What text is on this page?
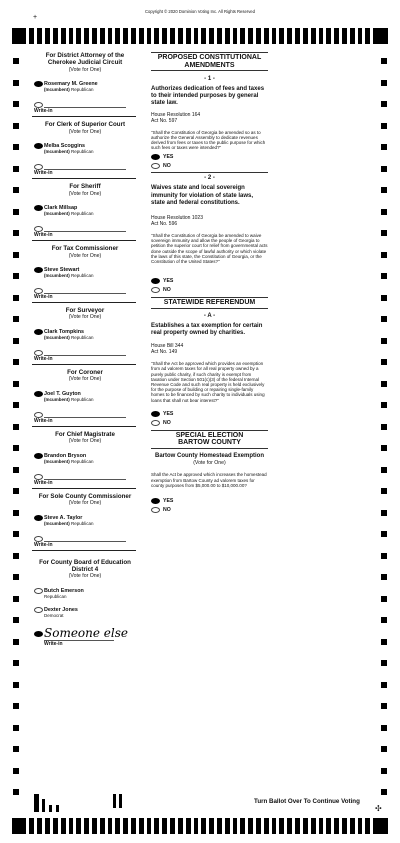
Copyright © 2020 Dominion Voting Inc. All Rights Reserved
+
For District Attorney of the Cherokee Judicial Circuit
(Vote for One)
Rosemary M. Greene
(Incumbent) Republican
Write-in
For Clerk of Superior Court
(Vote for One)
Melba Scoggins
(Incumbent) Republican
Write-in
For Sheriff
(Vote for One)
Clark Millsap
(Incumbent) Republican
Write-in
For Tax Commissioner
(Vote for One)
Steve Stewart
(Incumbent) Republican
Write-in
For Surveyor
(Vote for One)
Clark Tompkins
(Incumbent) Republican
Write-in
For Coroner
(Vote for One)
Joel T. Guyton
(Incumbent) Republican
Write-in
For Chief Magistrate
(Vote for One)
Brandon Bryson
(Incumbent) Republican
Write-in
For Sole County Commissioner
(Vote for One)
Steve A. Taylor
(Incumbent) Republican
Write-in
For County Board of Education District 4
(Vote for One)
Butch Emerson
Republican
Dexter Jones
Democrat
Someone else
Write-in
PROPOSED CONSTITUTIONAL AMENDMENTS
- 1 -
Authorizes dedication of fees and taxes to their intended purposes by general state law.
House Resolution 164
Act No. 597
"Shall the Constitution of Georgia be amended so as to authorize the General Assembly to dedicate revenues derived from fees or taxes to the public purpose for which such fees or taxes were intended?"
YES
NO
- 2 -
Waives state and local sovereign immunity for violation of state laws, state and federal constitutions.
House Resolution 1023
Act No. 596
"Shall the Constitution of Georgia be amended to waive sovereign immunity and allow the people of Georgia to petition the superior court for relief from governmental acts done outside the scope of lawful authority or which violate the laws of this state, the Constitution of Georgia, or the Constitution of the United States?"
YES
NO
STATEWIDE REFERENDUM
- A -
Establishes a tax exemption for certain real property owned by charities.
House Bill 344
Act No. 149
"Shall the Act be approved which provides an exemption from ad valorem taxes for all real property owned by a purely public charity, if such charity is exempt from taxation under Section 501(c)(3) of the federal Internal Revenue Code and such real property is held exclusively for the purpose of building or repairing single-family homes to be financed by such charity to individuals using loans that shall not bear interest?"
YES
NO
SPECIAL ELECTION BARTOW COUNTY
Bartow County Homestead Exemption
(Vote for One)
Shall the Act be approved which increases the homestead exemption from Bartow County ad valorem taxes for county purposes from $5,000.00 to $10,000.00?
YES
NO
Turn Ballot Over To Continue Voting
✣
